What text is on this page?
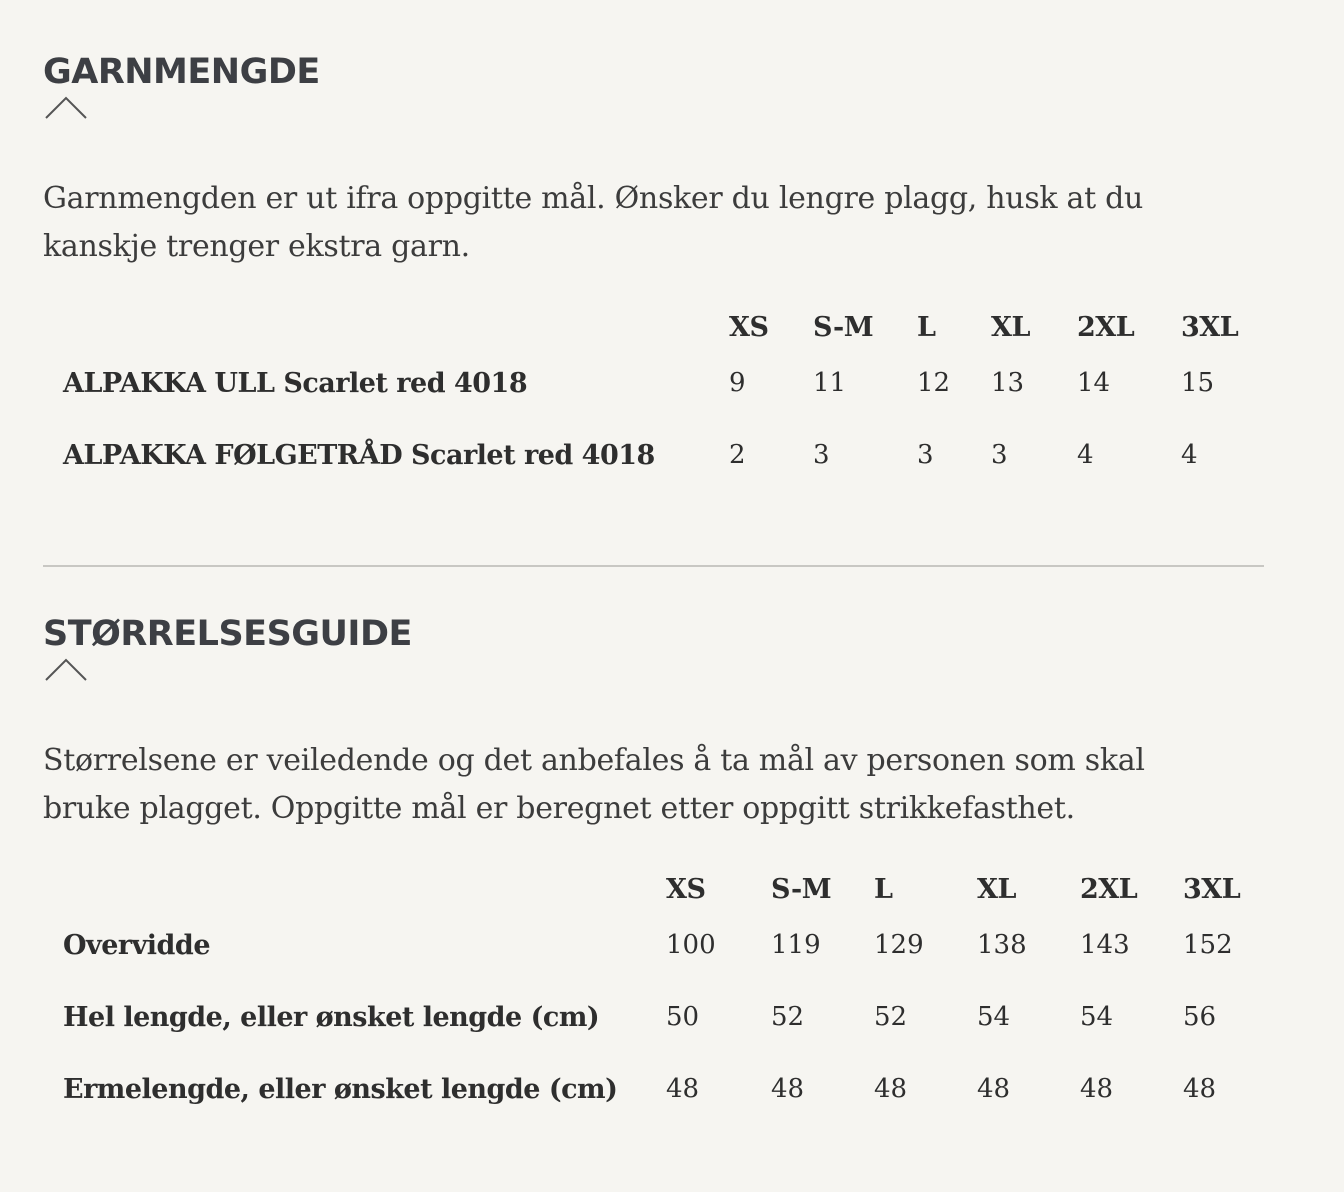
GARNMENGDE

Garnmengden er ut ifra oppgitte mål. Ønsker du lengre plagg, husk at du kanskje trenger ekstra garn.

	XS	S-M	L	XL	2XL	3XL
ALPAKKA ULL Scarlet red 4018	9	11	12	13	14	15
ALPAKKA FØLGETRÅD Scarlet red 4018	2	3	3	3	4	4
STØRRELSESGUIDE

Størrelsene er veiledende og det anbefales å ta mål av personen som skal bruke plagget. Oppgitte mål er beregnet etter oppgitt strikkefasthet.

	XS	S-M	L	XL	2XL	3XL
Overvidde	100	119	129	138	143	152
Hel lengde, eller ønsket lengde (cm)	50	52	52	54	54	56
Ermelengde, eller ønsket lengde (cm)	48	48	48	48	48	48
